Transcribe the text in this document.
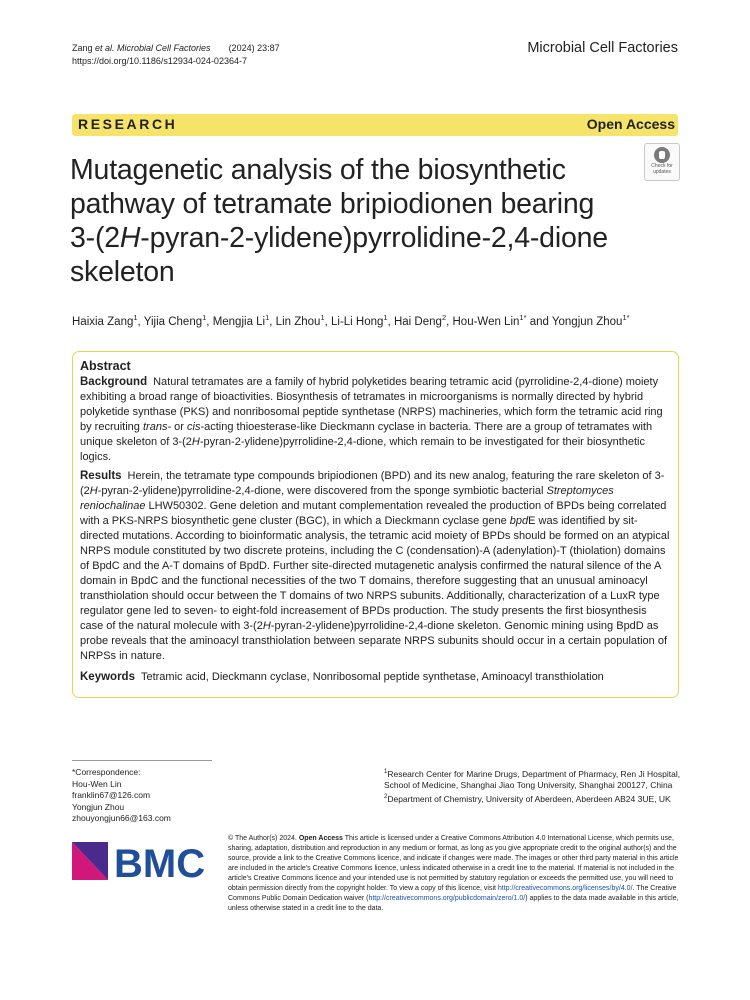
Zang et al. Microbial Cell Factories (2024) 23:87
https://doi.org/10.1186/s12934-024-02364-7
Microbial Cell Factories
RESEARCH	Open Access
Check for updates
Mutagenetic analysis of the biosynthetic
pathway of tetramate bripiodionen bearing
3-(2H-pyran-2-ylidene)pyrrolidine-2,4-dione
skeleton
Haixia Zang$^1$, Yijia Cheng$^1$, Mengjia Li$^1$, Lin Zhou$^1$, Li-Li Hong$^1$, Hai Deng$^2$, Hou-Wen Lin$^{1*}$ and Yongjun Zhou$^{1*}$
Abstract

Background Natural tetramates are a family of hybrid polyketides bearing tetramic acid (pyrrolidine-2,4-dione) moiety exhibiting a broad range of bioactivities. Biosynthesis of tetramates in microorganisms is normally directed by hybrid polyketide synthase (PKS) and nonribosomal peptide synthetase (NRPS) machineries, which form the tetramic acid ring by recruiting trans- or cis-acting thioesterase-like Dieckmann cyclase in bacteria. There are a group of tetramates with unique skeleton of 3-(2H-pyran-2-ylidene)pyrrolidine-2,4-dione, which remain to be investigated for their biosynthetic logics.

Results Herein, the tetramate type compounds bripiodionen (BPD) and its new analog, featuring the rare skeleton of 3-(2H-pyran-2-ylidene)pyrrolidine-2,4-dione, were discovered from the sponge symbiotic bacterial Streptomyces reniochalinae LHW50302. Gene deletion and mutant complementation revealed the production of BPDs being correlated with a PKS-NRPS biosynthetic gene cluster (BGC), in which a Dieckmann cyclase gene bpdE was identified by sit-directed mutations. According to bioinformatic analysis, the tetramic acid moiety of BPDs should be formed on an atypical NRPS module constituted by two discrete proteins, including the C (condensation)-A (adenylation)-T (thiolation) domains of BpdC and the A-T domains of BpdD. Further site-directed mutagenetic analysis confirmed the natural silence of the A domain in BpdC and the functional necessities of the two T domains, therefore suggesting that an unusual aminoacyl transthiolation should occur between the T domains of two NRPS subunits. Additionally, characterization of a LuxR type regulator gene led to seven- to eight-fold increasement of BPDs production. The study presents the first biosynthesis case of the natural molecule with 3-(2H-pyran-2-ylidene)pyrrolidine-2,4-dione skeleton. Genomic mining using BpdD as probe reveals that the aminoacyl transthiolation between separate NRPS subunits should occur in a certain population of NRPSs in nature.

Keywords Tetramic acid, Dieckmann cyclase, Nonribosomal peptide synthetase, Aminoacyl transthiolation

*Correspondence:
Hou-Wen Lin
franklin67@126.com
Yongjun Zhou
zhouyongjun66@163.com
$^1$Research Center for Marine Drugs, Department of Pharmacy, Ren Ji Hospital, School of Medicine, Shanghai Jiao Tong University, Shanghai 200127, China
$^2$Department of Chemistry, University of Aberdeen, Aberdeen AB24 3UE, UK
BMC
© The Author(s) 2024. Open Access This article is licensed under a Creative Commons Attribution 4.0 International License, which permits use, sharing, adaptation, distribution and reproduction in any medium or format, as long as you give appropriate credit to the original author(s) and the source, provide a link to the Creative Commons licence, and indicate if changes were made. The images or other third party material in this article are included in the article's Creative Commons licence, unless indicated otherwise in a credit line to the material. If material is not included in the article's Creative Commons licence and your intended use is not permitted by statutory regulation or exceeds the permitted use, you will need to obtain permission directly from the copyright holder. To view a copy of this licence, visit http://creativecommons.org/licenses/by/4.0/. The Creative Commons Public Domain Dedication waiver (http://creativecommons.org/publicdomain/zero/1.0/) applies to the data made available in this article, unless otherwise stated in a credit line to the data.
